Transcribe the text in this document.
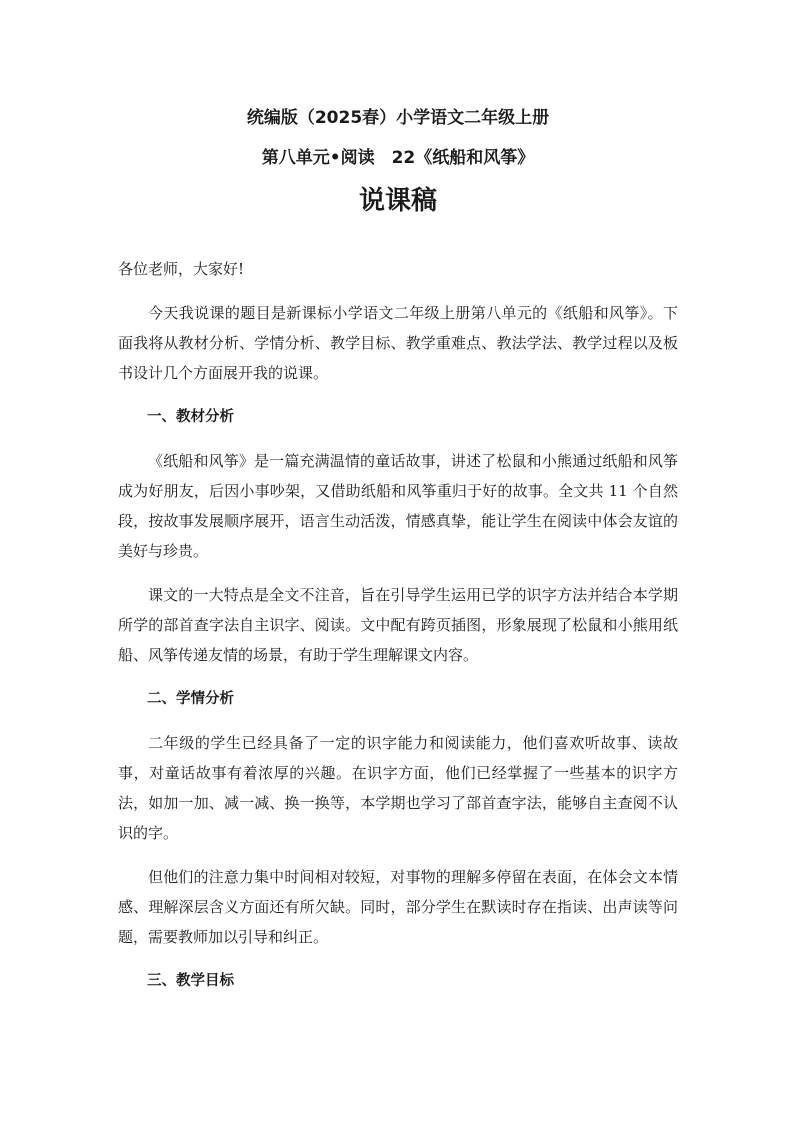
统编版（2025春）小学语文二年级上册
第八单元•阅读　22《纸船和风筝》
说课稿

各位老师，大家好!

今天我说课的题目是新课标小学语文二年级上册第八单元的《纸船和风筝》。下面我将从教材分析、学情分析、教学目标、教学重难点、教法学法、教学过程以及板书设计几个方面展开我的说课。

一、教材分析

《纸船和风筝》是一篇充满温情的童话故事，讲述了松鼠和小熊通过纸船和风筝成为好朋友，后因小事吵架，又借助纸船和风筝重归于好的故事。全文共 11 个自然段，按故事发展顺序展开，语言生动活泼，情感真挚，能让学生在阅读中体会友谊的美好与珍贵。

课文的一大特点是全文不注音，旨在引导学生运用已学的识字方法并结合本学期所学的部首查字法自主识字、阅读。文中配有跨页插图，形象展现了松鼠和小熊用纸船、风筝传递友情的场景，有助于学生理解课文内容。

二、学情分析

二年级的学生已经具备了一定的识字能力和阅读能力，他们喜欢听故事、读故事，对童话故事有着浓厚的兴趣。在识字方面，他们已经掌握了一些基本的识字方法，如加一加、减一减、换一换等，本学期也学习了部首查字法，能够自主查阅不认识的字。

但他们的注意力集中时间相对较短，对事物的理解多停留在表面，在体会文本情感、理解深层含义方面还有所欠缺。同时，部分学生在默读时存在指读、出声读等问题，需要教师加以引导和纠正。

三、教学目标
